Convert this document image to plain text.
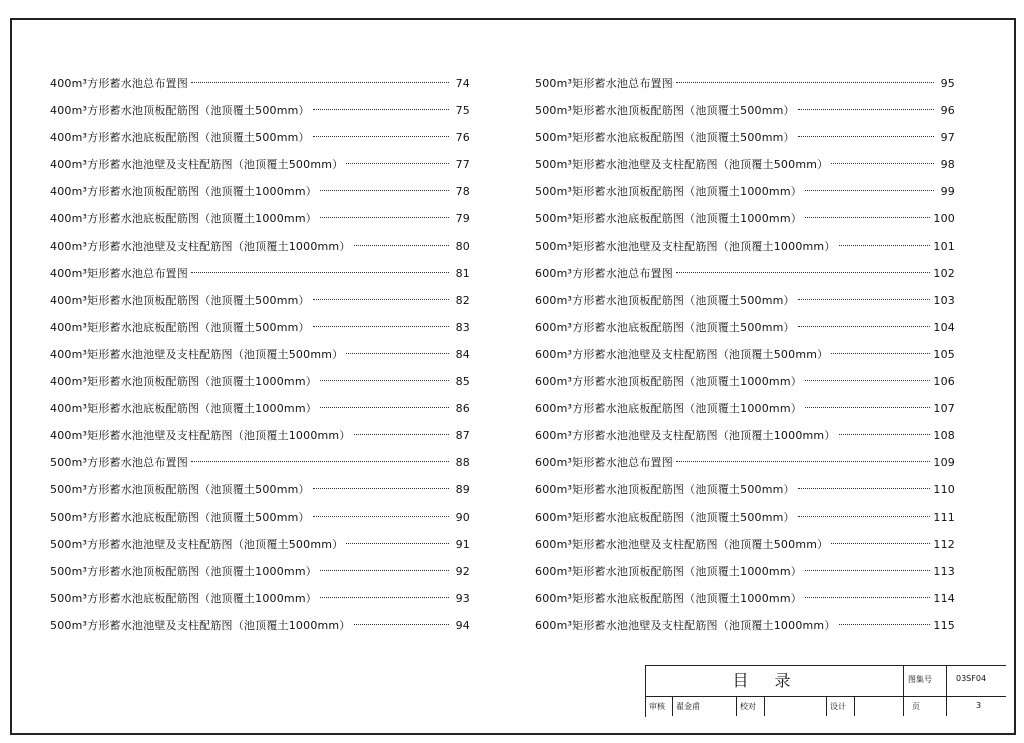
400m³方形蓄水池总布置图	74
400m³方形蓄水池顶板配筋图（池顶覆土500mm）	75
400m³方形蓄水池底板配筋图（池顶覆土500mm）	76
400m³方形蓄水池池壁及支柱配筋图（池顶覆土500mm）	77
400m³方形蓄水池顶板配筋图（池顶覆土1000mm）	78
400m³方形蓄水池底板配筋图（池顶覆土1000mm）	79
400m³方形蓄水池池壁及支柱配筋图（池顶覆土1000mm）	80
400m³矩形蓄水池总布置图	81
400m³矩形蓄水池顶板配筋图（池顶覆土500mm）	82
400m³矩形蓄水池底板配筋图（池顶覆土500mm）	83
400m³矩形蓄水池池壁及支柱配筋图（池顶覆土500mm）	84
400m³矩形蓄水池顶板配筋图（池顶覆土1000mm）	85
400m³矩形蓄水池底板配筋图（池顶覆土1000mm）	86
400m³矩形蓄水池池壁及支柱配筋图（池顶覆土1000mm）	87
500m³方形蓄水池总布置图	88
500m³方形蓄水池顶板配筋图（池顶覆土500mm）	89
500m³方形蓄水池底板配筋图（池顶覆土500mm）	90
500m³方形蓄水池池壁及支柱配筋图（池顶覆土500mm）	91
500m³方形蓄水池顶板配筋图（池顶覆土1000mm）	92
500m³方形蓄水池底板配筋图（池顶覆土1000mm）	93
500m³方形蓄水池池壁及支柱配筋图（池顶覆土1000mm）	94
500m³矩形蓄水池总布置图	95
500m³矩形蓄水池顶板配筋图（池顶覆土500mm）	96
500m³矩形蓄水池底板配筋图（池顶覆土500mm）	97
500m³矩形蓄水池池壁及支柱配筋图（池顶覆土500mm）	98
500m³矩形蓄水池顶板配筋图（池顶覆土1000mm）	99
500m³矩形蓄水池底板配筋图（池顶覆土1000mm）	100
500m³矩形蓄水池池壁及支柱配筋图（池顶覆土1000mm）	101
600m³方形蓄水池总布置图	102
600m³方形蓄水池顶板配筋图（池顶覆土500mm）	103
600m³方形蓄水池底板配筋图（池顶覆土500mm）	104
600m³方形蓄水池池壁及支柱配筋图（池顶覆土500mm）	105
600m³方形蓄水池顶板配筋图（池顶覆土1000mm）	106
600m³方形蓄水池底板配筋图（池顶覆土1000mm）	107
600m³方形蓄水池池壁及支柱配筋图（池顶覆土1000mm）	108
600m³矩形蓄水池总布置图	109
600m³矩形蓄水池顶板配筋图（池顶覆土500mm）	110
600m³矩形蓄水池底板配筋图（池顶覆土500mm）	111
600m³矩形蓄水池池壁及支柱配筋图（池顶覆土500mm）	112
600m³矩形蓄水池顶板配筋图（池顶覆土1000mm）	113
600m³矩形蓄水池底板配筋图（池顶覆土1000mm）	114
600m³矩形蓄水池池壁及支柱配筋图（池顶覆土1000mm）	115
目录	图集号	03SF04
审核 翟金甫	校对	设计	页	3
